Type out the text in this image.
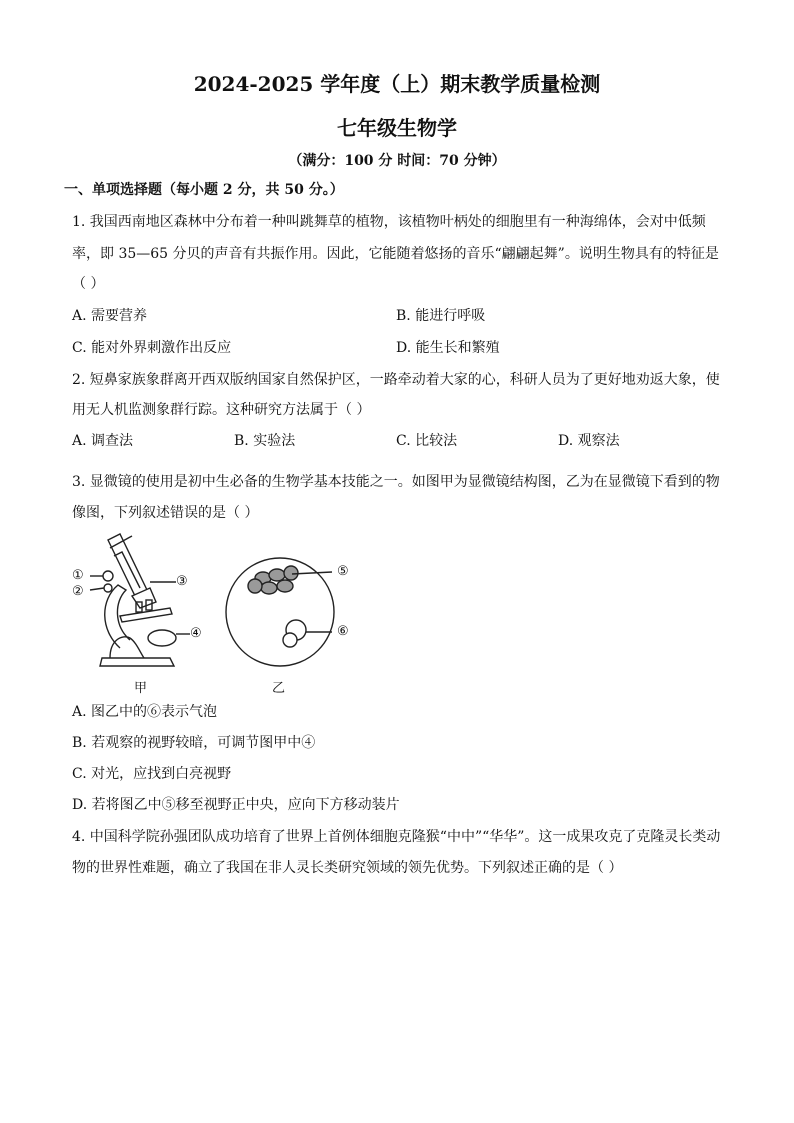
2024-2025 学年度（上）期末教学质量检测
七年级生物学
（满分：100 分 时间：70 分钟）
一、单项选择题（每小题 2 分，共 50 分。）
1. 我国西南地区森林中分布着一种叫跳舞草的植物，该植物叶柄处的细胞里有一种海绵体，会对中低频
率，即 35—65 分贝的声音有共振作用。因此，它能随着悠扬的音乐“翩翩起舞”。说明生物具有的特征是
（ ）
A. 需要营养	B. 能进行呼吸
C. 能对外界刺激作出反应	D. 能生长和繁殖
2. 短鼻家族象群离开西双版纳国家自然保护区，一路牵动着大家的心，科研人员为了更好地劝返大象，使
用无人机监测象群行踪。这种研究方法属于（ ）
A. 调查法	B. 实验法	C. 比较法	D. 观察法
3. 显微镜的使用是初中生必备的生物学基本技能之一。如图甲为显微镜结构图，乙为在显微镜下看到的物
像图，下列叙述错误的是（ ）
①
②
③
④
⑤
⑥
甲	乙
A. 图乙中的⑥表示气泡
B. 若观察的视野较暗，可调节图甲中④
C. 对光，应找到白亮视野
D. 若将图乙中⑤移至视野正中央，应向下方移动装片
4. 中国科学院孙强团队成功培育了世界上首例体细胞克隆猴“中中”“华华”。这一成果攻克了克隆灵长类动
物的世界性难题，确立了我国在非人灵长类研究领域的领先优势。下列叙述正确的是（ ）
